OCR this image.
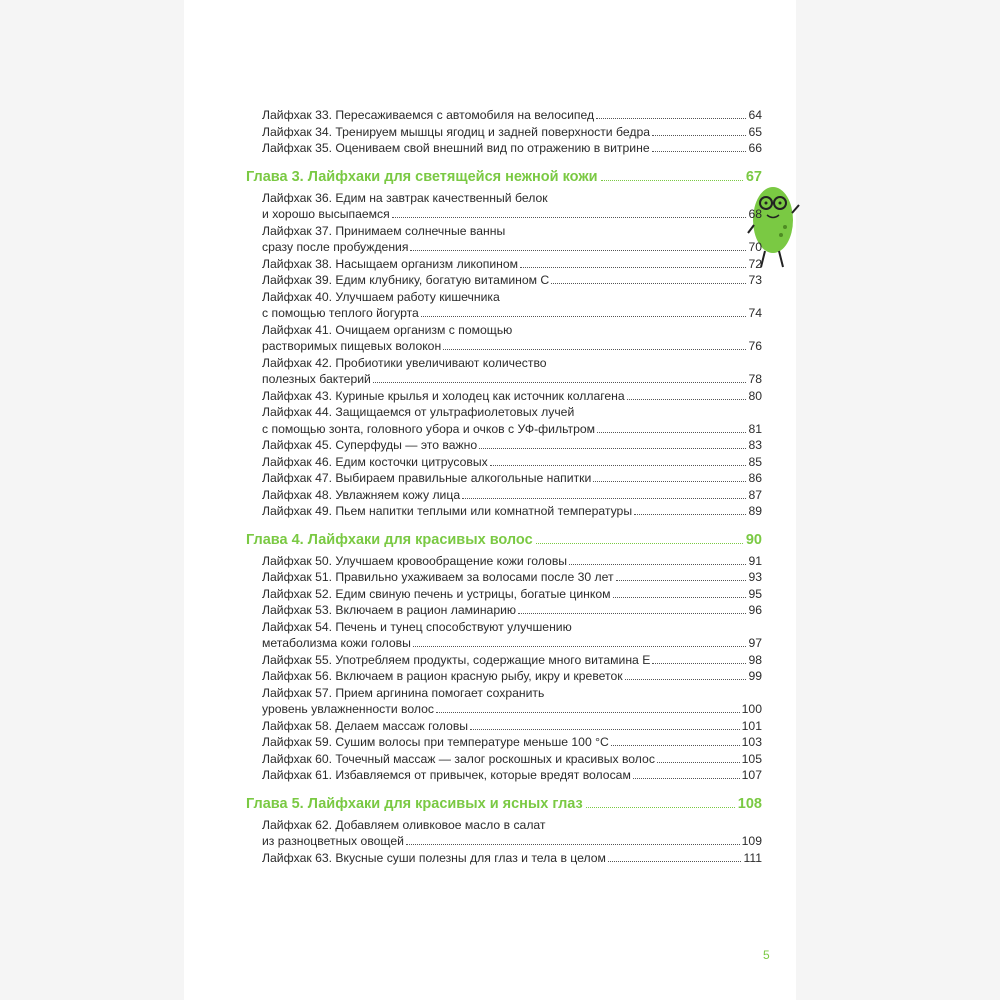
Лайфхак 33. Пересаживаемся с автомобиля на велосипед	64
Лайфхак 34. Тренируем мышцы ягодиц и задней поверхности бедра	65
Лайфхак 35. Оцениваем свой внешний вид по отражению в витрине	66
Глава 3. Лайфхаки для светящейся нежной кожи	67
Лайфхак 36. Едим на завтрак качественный белок
и хорошо высыпаемся	68
Лайфхак 37. Принимаем солнечные ванны
сразу после пробуждения	70
Лайфхак 38. Насыщаем организм ликопином	72
Лайфхак 39. Едим клубнику, богатую витамином С	73
Лайфхак 40. Улучшаем работу кишечника
с помощью теплого йогурта	74
Лайфхак 41. Очищаем организм с помощью
растворимых пищевых волокон	76
Лайфхак 42. Пробиотики увеличивают количество
полезных бактерий	78
Лайфхак 43. Куриные крылья и холодец как источник коллагена	80
Лайфхак 44. Защищаемся от ультрафиолетовых лучей
с помощью зонта, головного убора и очков с УФ-фильтром	81
Лайфхак 45. Суперфуды — это важно	83
Лайфхак 46. Едим косточки цитрусовых	85
Лайфхак 47. Выбираем правильные алкогольные напитки	86
Лайфхак 48. Увлажняем кожу лица	87
Лайфхак 49. Пьем напитки теплыми или комнатной температуры	89
Глава 4. Лайфхаки для красивых волос	90
Лайфхак 50. Улучшаем кровообращение кожи головы	91
Лайфхак 51. Правильно ухаживаем за волосами после 30 лет	93
Лайфхак 52. Едим свиную печень и устрицы, богатые цинком	95
Лайфхак 53. Включаем в рацион ламинарию	96
Лайфхак 54. Печень и тунец способствуют улучшению
метаболизма кожи головы	97
Лайфхак 55. Употребляем продукты, содержащие много витамина Е	98
Лайфхак 56. Включаем в рацион красную рыбу, икру и креветок	99
Лайфхак 57. Прием аргинина помогает сохранить
уровень увлажненности волос	100
Лайфхак 58. Делаем массаж головы	101
Лайфхак 59. Сушим волосы при температуре меньше 100 °С	103
Лайфхак 60. Точечный массаж — залог роскошных и красивых волос	105
Лайфхак 61. Избавляемся от привычек, которые вредят волосам	107
Глава 5. Лайфхаки для красивых и ясных глаз	108
Лайфхак 62. Добавляем оливковое масло в салат
из разноцветных овощей	109
Лайфхак 63. Вкусные суши полезны для глаз и тела в целом	111
5
